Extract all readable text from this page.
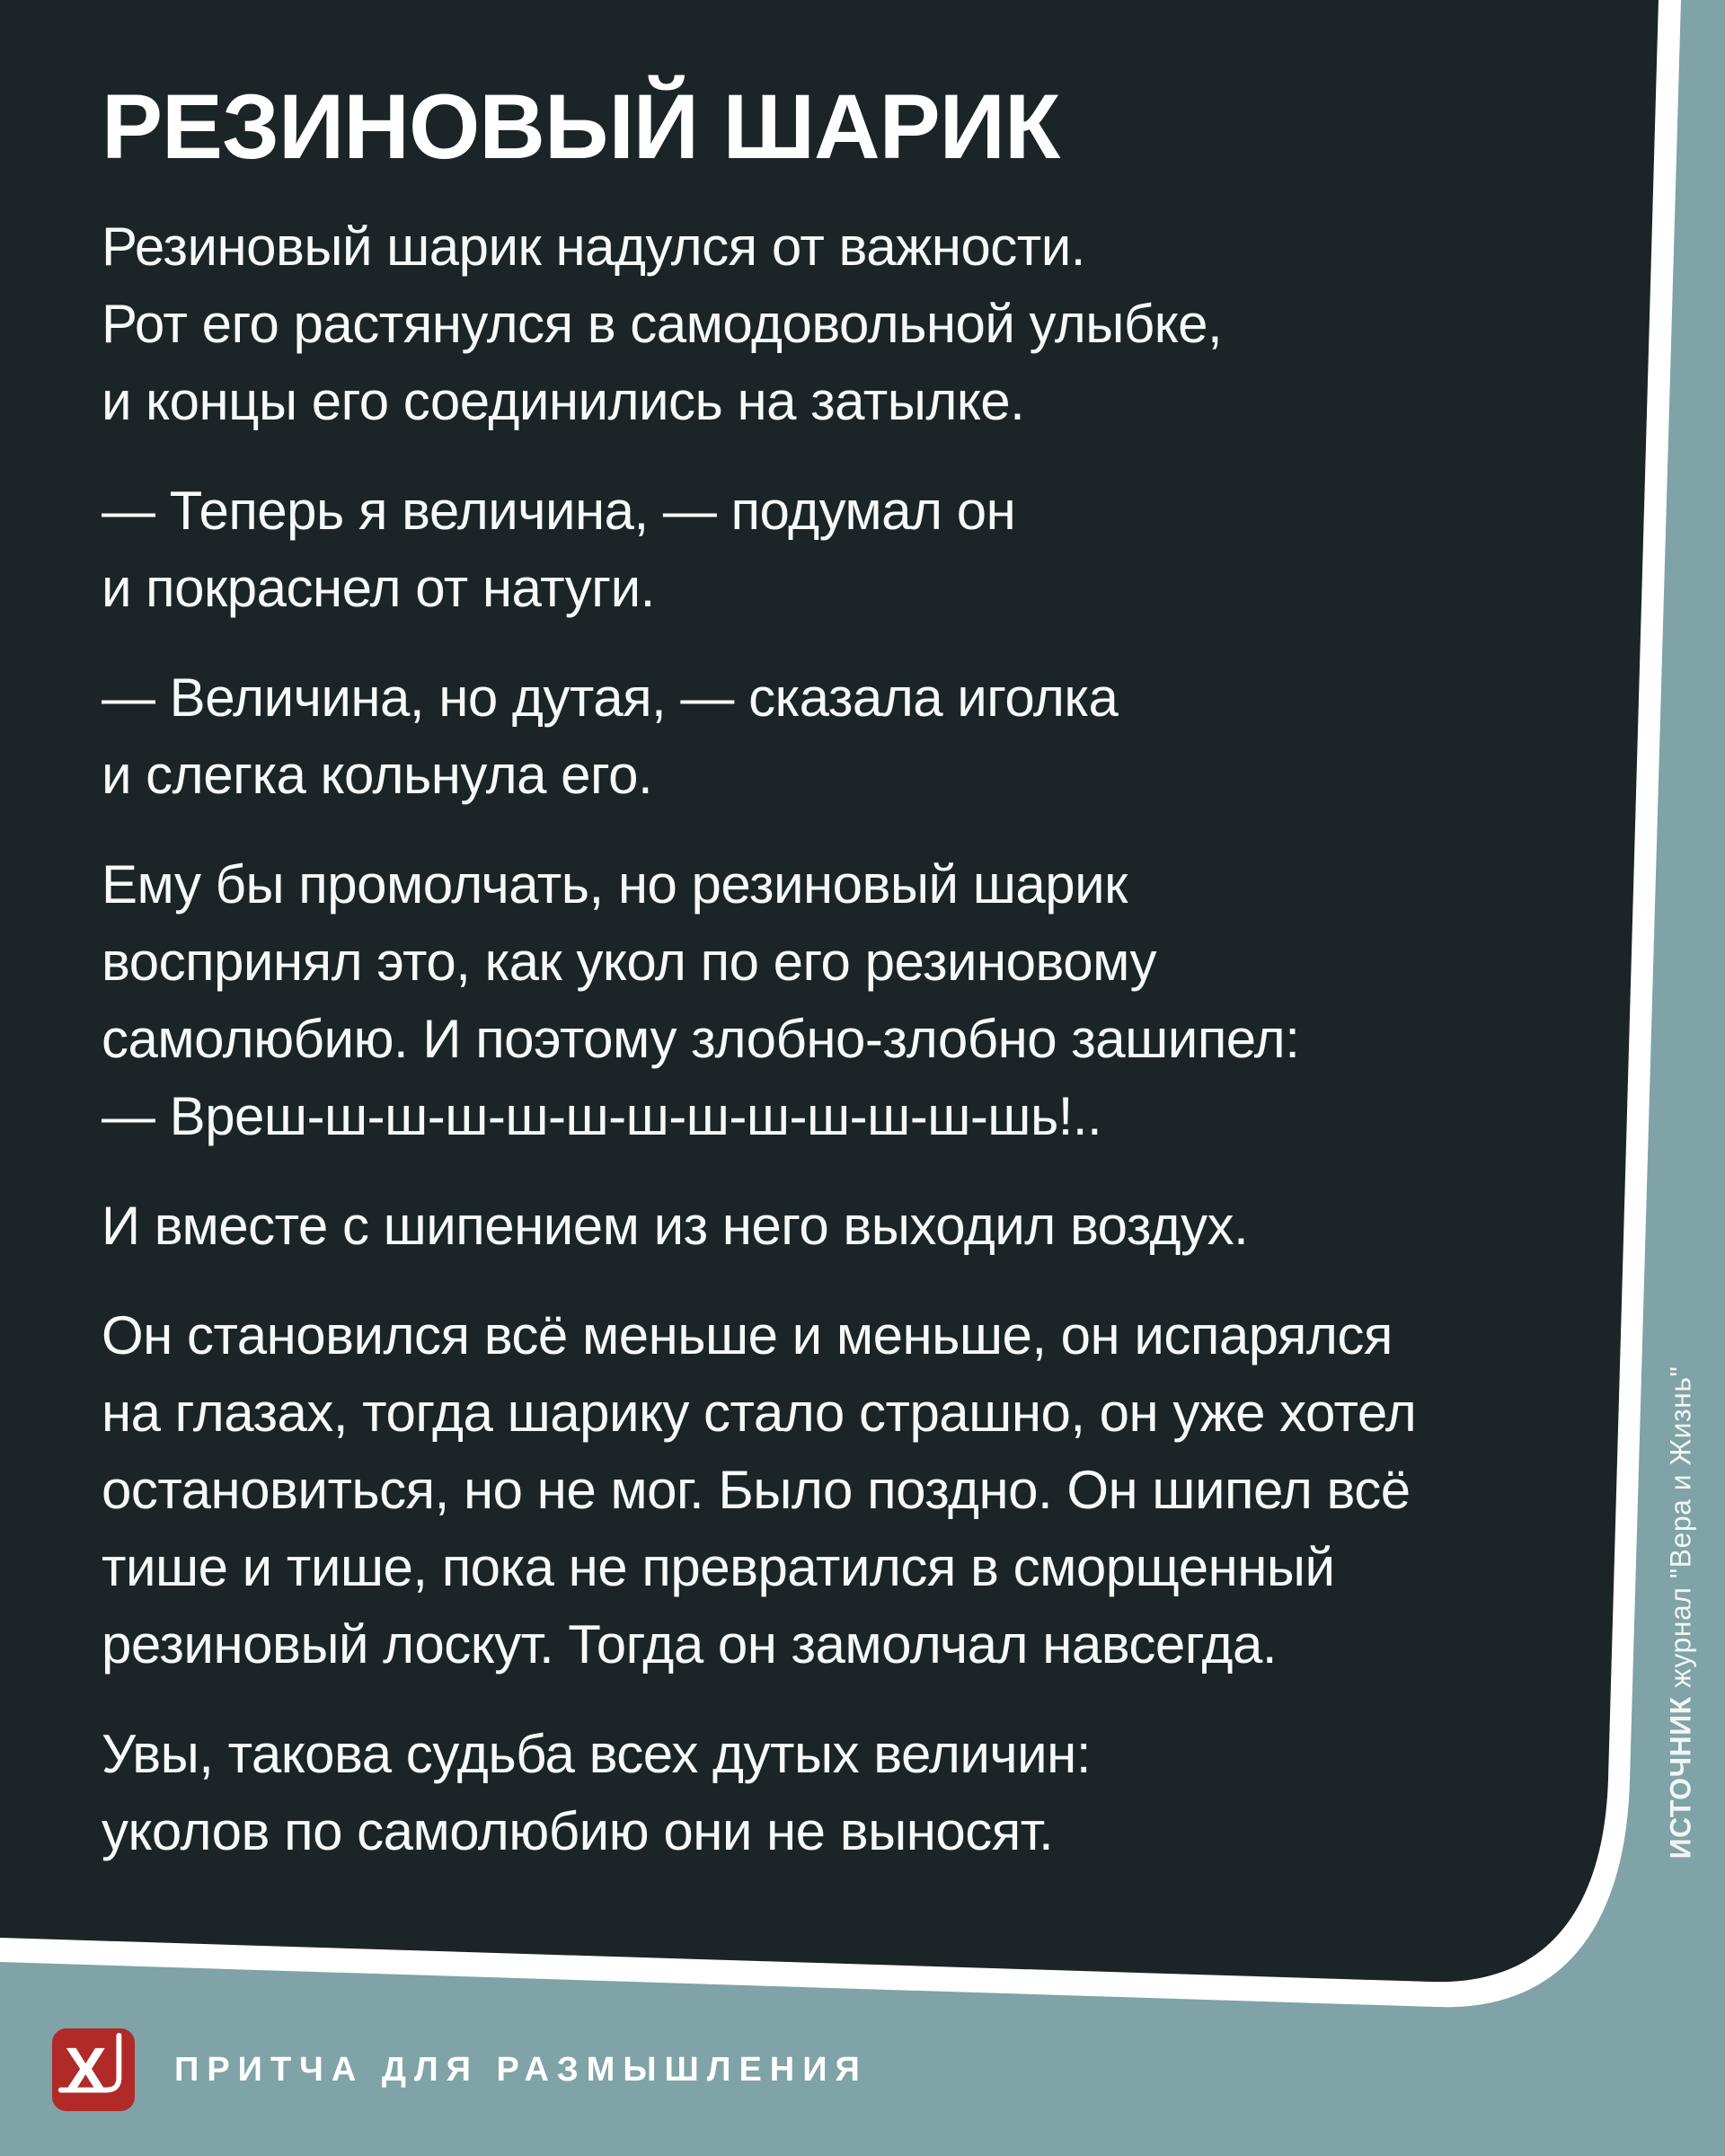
РЕЗИНОВЫЙ ШАРИК
Резиновый шарик надулся от важности.
Рот его растянулся в самодовольной улыбке,
и концы его соединились на затылке.
— Теперь я величина, — подумал он
и покраснел от натуги.
— Величина, но дутая, — сказала иголка
и слегка кольнула его.
Ему бы промолчать, но резиновый шарик
воспринял это, как укол по его резиновому
самолюбию. И поэтому злобно-злобно зашипел:
— Вреш-ш-ш-ш-ш-ш-ш-ш-ш-ш-ш-ш-шь!..
И вместе с шипением из него выходил воздух.
Он становился всё меньше и меньше, он испарялся
на глазах, тогда шарику стало страшно, он уже хотел
остановиться, но не мог. Было поздно. Он шипел всё
тише и тише, пока не превратился в сморщенный
резиновый лоскут. Тогда он замолчал навсегда.
Увы, такова судьба всех дутых величин:
уколов по самолюбию они не выносят.	ИСТОЧНИК журнал "Вера и Жизнь"
Х ПРИТЧА ДЛЯ РАЗМЫШЛЕНИЯ
